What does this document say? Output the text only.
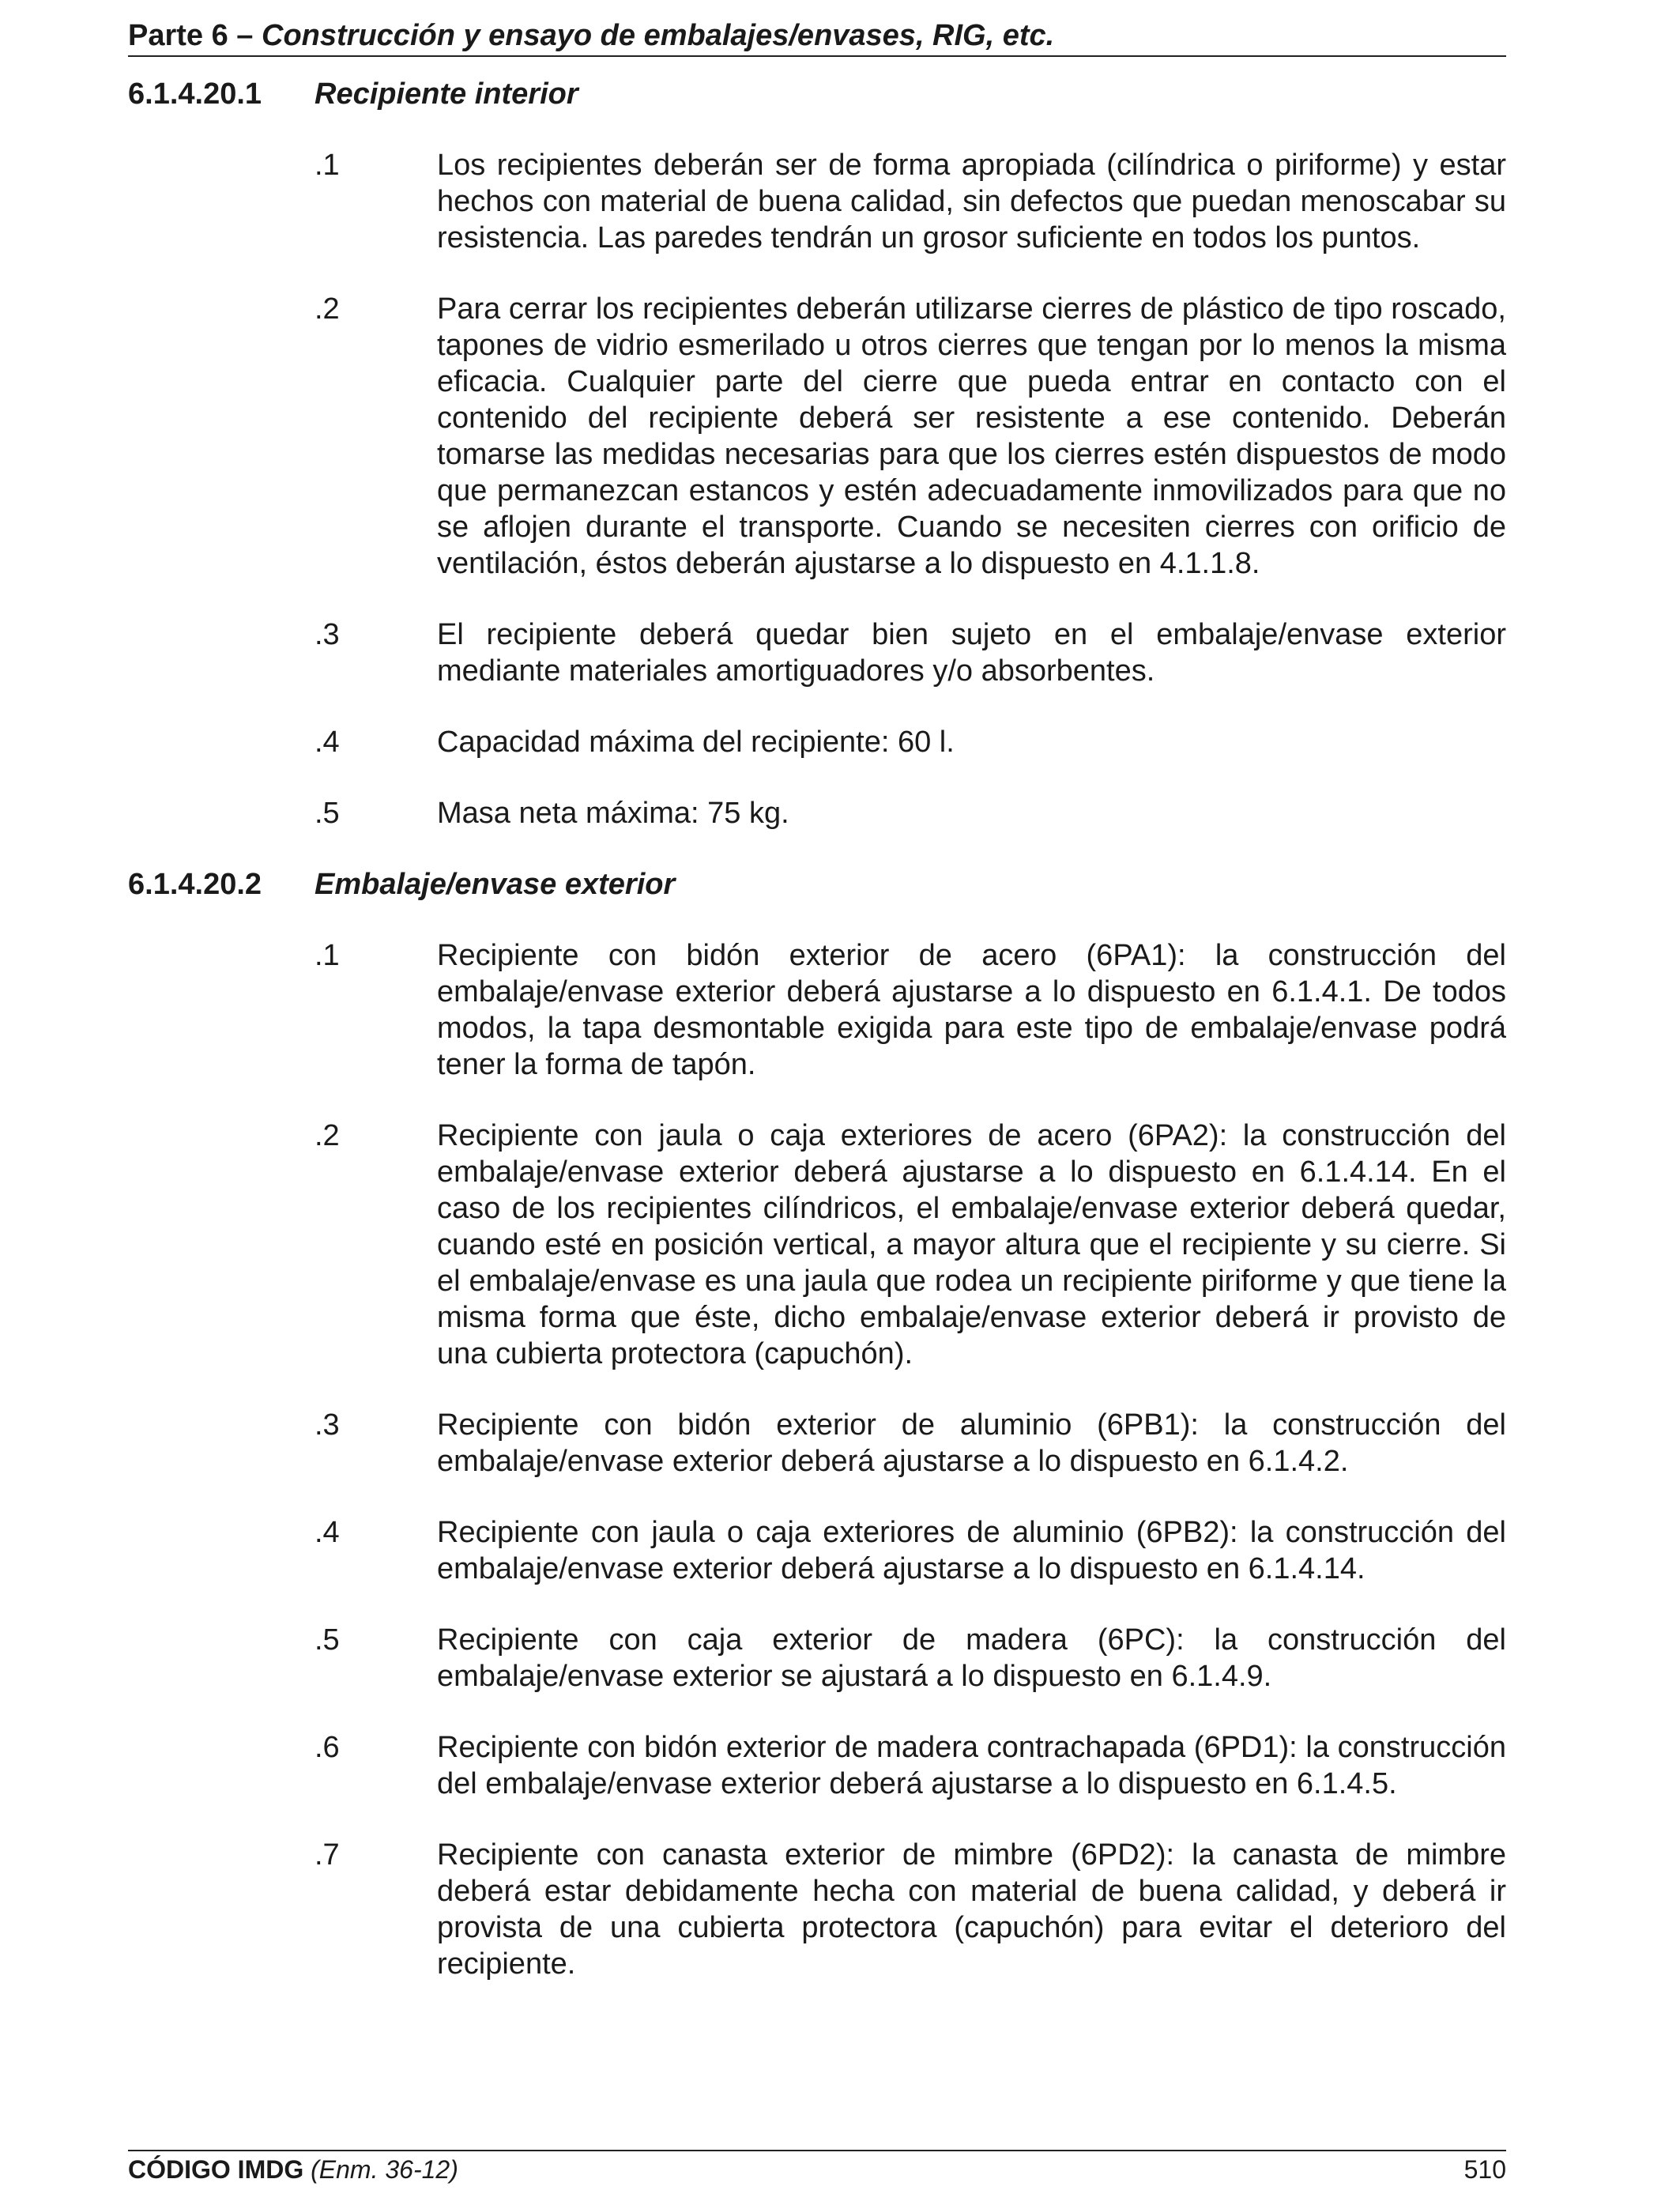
Parte 6 – Construcción y ensayo de embalajes/envases, RIG, etc.
6.1.4.20.1	Recipiente interior
.1	Los recipientes deberán ser de forma apropiada (cilíndrica o piriforme) y estar hechos con material de buena calidad, sin defectos que puedan menoscabar su resistencia. Las paredes tendrán un grosor suficiente en todos los puntos.
.2	Para cerrar los recipientes deberán utilizarse cierres de plástico de tipo roscado, tapones de vidrio esmerilado u otros cierres que tengan por lo menos la misma eficacia. Cualquier parte del cierre que pueda entrar en contacto con el contenido del recipiente deberá ser resistente a ese contenido. Deberán tomarse las medidas necesarias para que los cierres estén dispuestos de modo que permanezcan estancos y estén adecuadamente inmovilizados para que no se aflojen durante el transporte. Cuando se necesiten cierres con orificio de ventilación, éstos deberán ajustarse a lo dispuesto en 4.1.1.8.
.3	El recipiente deberá quedar bien sujeto en el embalaje/envase exterior mediante materiales amortiguadores y/o absorbentes.
.4	Capacidad máxima del recipiente: 60 l.
.5	Masa neta máxima: 75 kg.
6.1.4.20.2	Embalaje/envase exterior
.1	Recipiente con bidón exterior de acero (6PA1): la construcción del embalaje/envase exterior deberá ajustarse a lo dispuesto en 6.1.4.1. De todos modos, la tapa desmontable exigida para este tipo de embalaje/envase podrá tener la forma de tapón.
.2	Recipiente con jaula o caja exteriores de acero (6PA2): la construcción del embalaje/envase exterior deberá ajustarse a lo dispuesto en 6.1.4.14. En el caso de los recipientes cilíndricos, el embalaje/envase exterior deberá quedar, cuando esté en posición vertical, a mayor altura que el recipiente y su cierre. Si el embalaje/envase es una jaula que rodea un recipiente piriforme y que tiene la misma forma que éste, dicho embalaje/envase exterior deberá ir provisto de una cubierta protectora (capuchón).
.3	Recipiente con bidón exterior de aluminio (6PB1): la construcción del embalaje/envase exterior deberá ajustarse a lo dispuesto en 6.1.4.2.
.4	Recipiente con jaula o caja exteriores de aluminio (6PB2): la construcción del embalaje/envase exterior deberá ajustarse a lo dispuesto en 6.1.4.14.
.5	Recipiente con caja exterior de madera (6PC): la construcción del embalaje/envase exterior se ajustará a lo dispuesto en 6.1.4.9.
.6	Recipiente con bidón exterior de madera contrachapada (6PD1): la construcción del embalaje/envase exterior deberá ajustarse a lo dispuesto en 6.1.4.5.
.7	Recipiente con canasta exterior de mimbre (6PD2): la canasta de mimbre deberá estar debidamente hecha con material de buena calidad, y deberá ir provista de una cubierta protectora (capuchón) para evitar el deterioro del recipiente.
CÓDIGO IMDG (Enm. 36-12)	510
